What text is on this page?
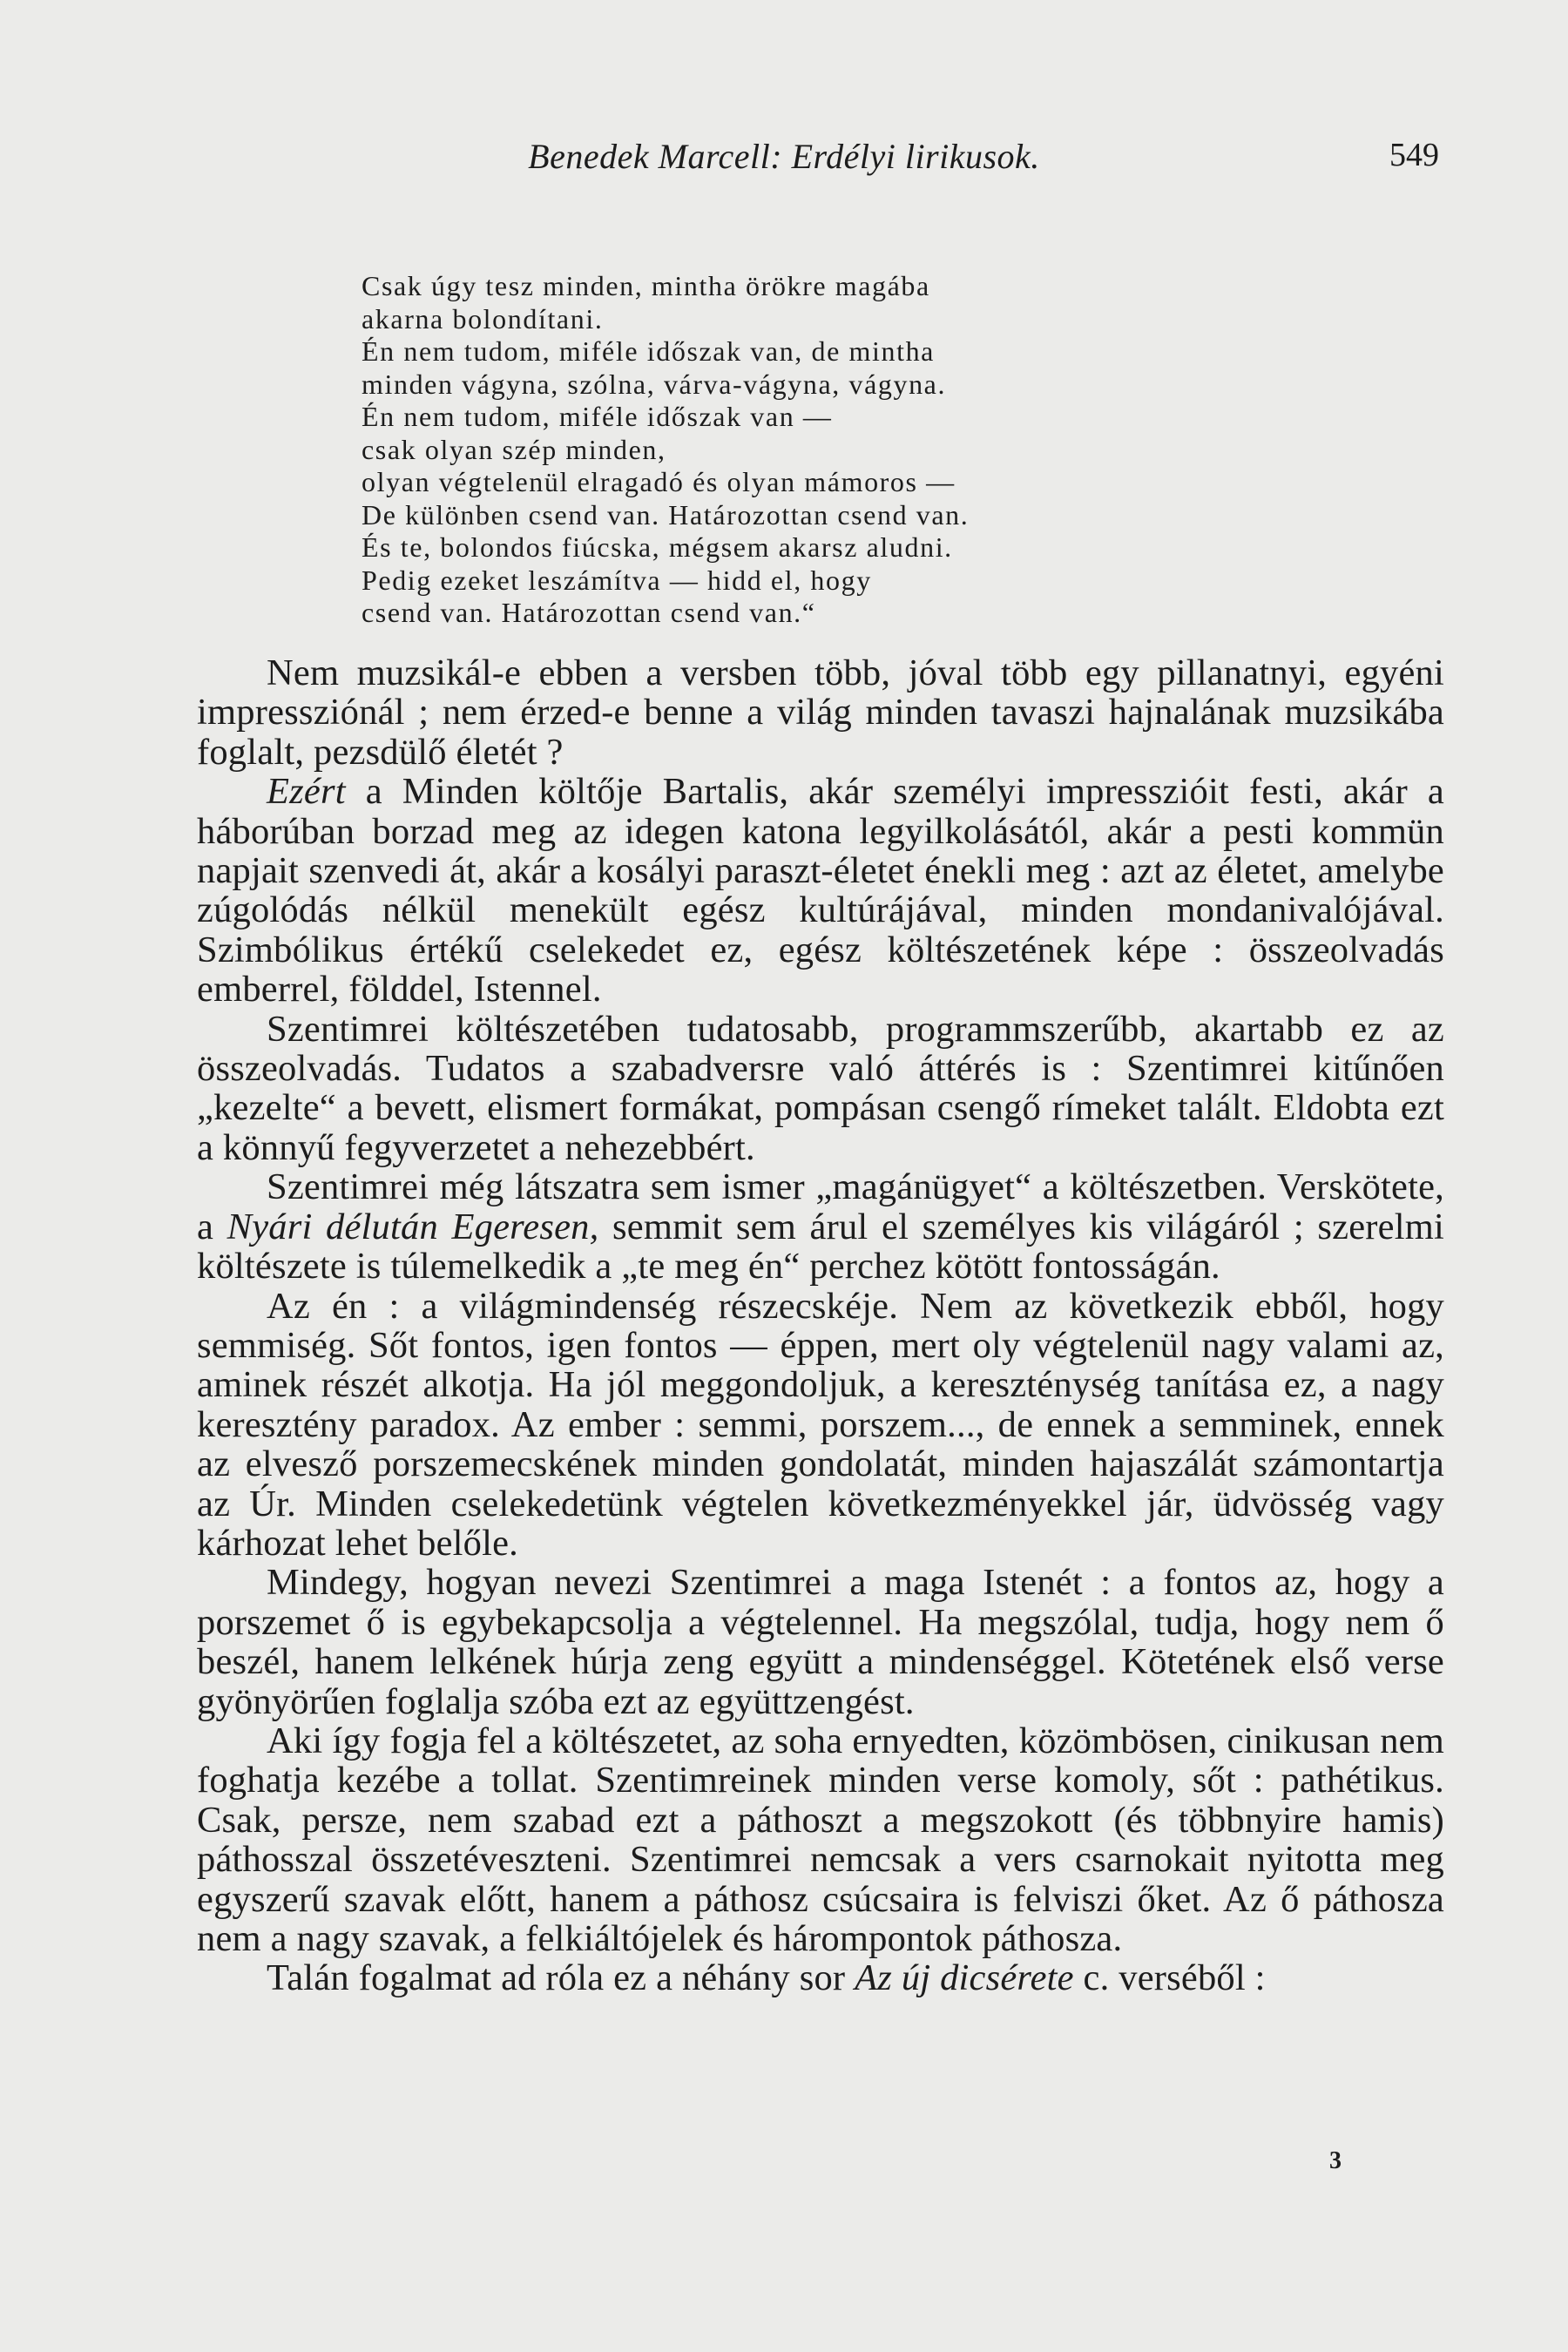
Benedek Marcell: Erdélyi lirikusok.	549
Csak úgy tesz minden, mintha örökre magába
akarna bolondítani.
Én nem tudom, miféle időszak van, de mintha
minden vágyna, szólna, várva-vágyna, vágyna.
Én nem tudom, miféle időszak van —
csak olyan szép minden,
olyan végtelenül elragadó és olyan mámoros —
De különben csend van. Határozottan csend van.
És te, bolondos fiúcska, mégsem akarsz aludni.
Pedig ezeket leszámítva — hidd el, hogy
csend van. Határozottan csend van.“

Nem muzsikál-e ebben a versben több, jóval több egy pillanatnyi, egyéni impressziónál ; nem érzed-e benne a világ minden tavaszi hajnalának muzsikába foglalt, pezsdülő életét ?

Ezért a Minden költője Bartalis, akár személyi impresszióit festi, akár a háborúban borzad meg az idegen katona legyilkolásától, akár a pesti kommün napjait szenvedi át, akár a kosályi paraszt-életet énekli meg : azt az életet, amelybe zúgolódás nélkül menekült egész kultúrájával, minden mondanivalójával. Szimbólikus értékű cselekedet ez, egész költészetének képe : összeolvadás emberrel, földdel, Istennel.

Szentimrei költészetében tudatosabb, programmszerűbb, akartabb ez az összeolvadás. Tudatos a szabadversre való áttérés is : Szentimrei kitűnően „kezelte“ a bevett, elismert formákat, pompásan csengő rímeket talált. Eldobta ezt a könnyű fegyverzetet a nehezebbért.

Szentimrei még látszatra sem ismer „magánügyet“ a költészetben. Verskötete, a Nyári délután Egeresen, semmit sem árul el személyes kis világáról ; szerelmi költészete is túlemelkedik a „te meg én“ perchez kötött fontosságán.

Az én : a világmindenség részecskéje. Nem az következik ebből, hogy semmiség. Sőt fontos, igen fontos — éppen, mert oly végtelenül nagy valami az, aminek részét alkotja. Ha jól meggondoljuk, a kereszténység tanítása ez, a nagy keresztény paradox. Az ember : semmi, porszem..., de ennek a semminek, ennek az elvesző porszemecskének minden gondolatát, minden hajaszálát számontartja az Úr. Minden cselekedetünk végtelen következményekkel jár, üdvösség vagy kárhozat lehet belőle.

Mindegy, hogyan nevezi Szentimrei a maga Istenét : a fontos az, hogy a porszemet ő is egybekapcsolja a végtelennel. Ha megszólal, tudja, hogy nem ő beszél, hanem lelkének húrja zeng együtt a mindenséggel. Kötetének első verse gyönyörűen foglalja szóba ezt az együttzengést.

Aki így fogja fel a költészetet, az soha ernyedten, közömbösen, cinikusan nem foghatja kezébe a tollat. Szentimreinek minden verse komoly, sőt : pathétikus. Csak, persze, nem szabad ezt a páthoszt a megszokott (és többnyire hamis) páthosszal összetéveszteni. Szentimrei nemcsak a vers csarnokait nyitotta meg egyszerű szavak előtt, hanem a páthosz csúcsaira is felviszi őket. Az ő páthosza nem a nagy szavak, a felkiáltójelek és hárompontok páthosza.

Talán fogalmat ad róla ez a néhány sor Az új dicsérete c. verséből :

3
